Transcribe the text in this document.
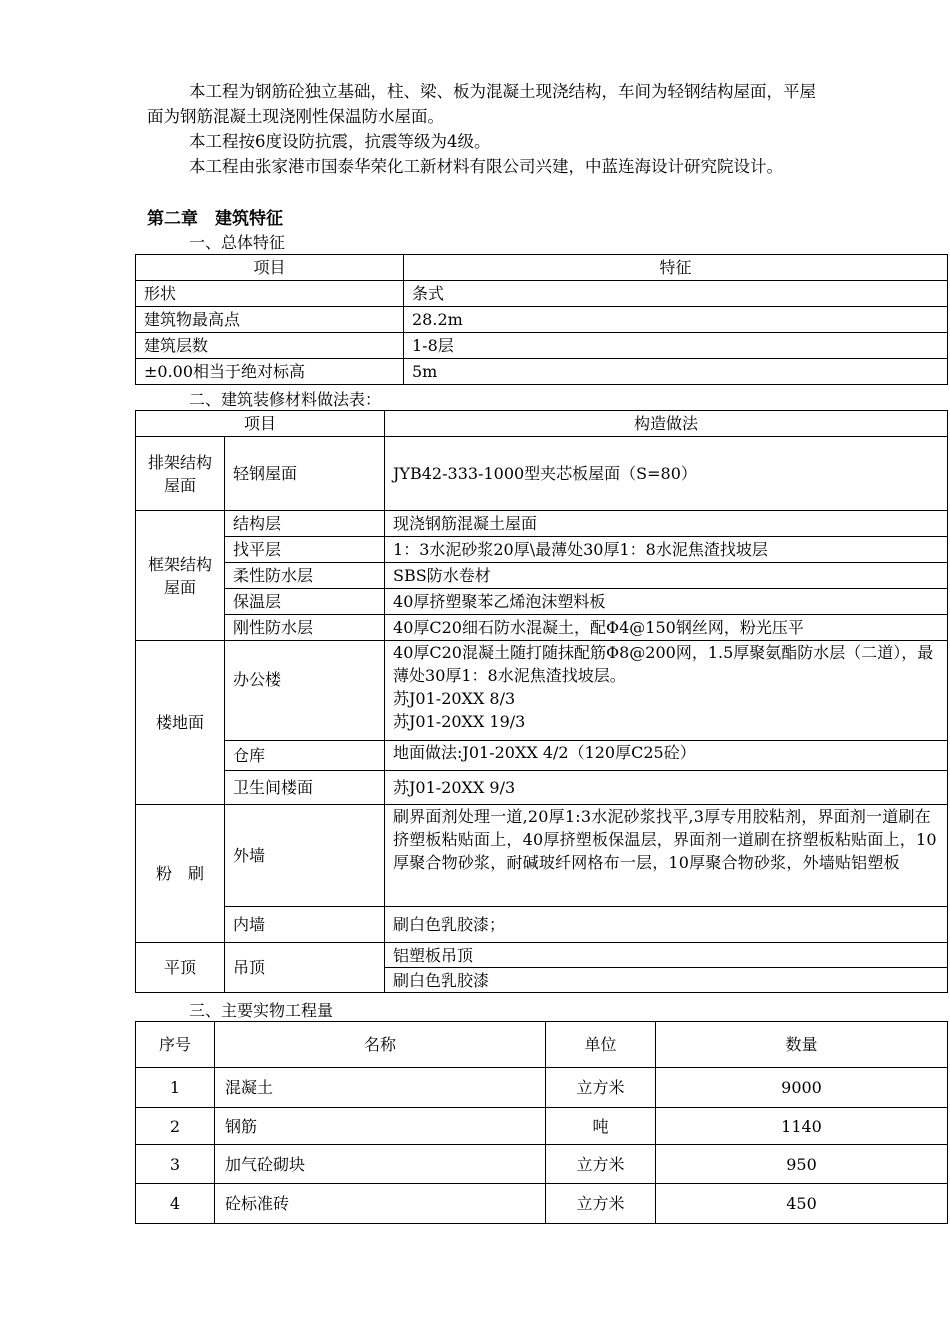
本工程为钢筋砼独立基础，柱、梁、板为混凝土现浇结构，车间为轻钢结构屋面，平屋面为钢筋混凝土现浇刚性保温防水屋面。

本工程按6度设防抗震，抗震等级为4级。

本工程由张家港市国泰华荣化工新材料有限公司兴建，中蓝连海设计研究院设计。

第二章　建筑特征
一、总体特征
项目	特征
形状	条式
建筑物最高点	28.2m
建筑层数	1-8层
±0.00相当于绝对标高	5m
二、建筑装修材料做法表：
项目		构造做法
排架结构屋面	轻钢屋面	JYB42-333-1000型夹芯板屋面（S=80）
框架结构屋面	结构层	现浇钢筋混凝土屋面
	找平层	1：3水泥砂浆20厚\最薄处30厚1：8水泥焦渣找坡层
	柔性防水层	SBS防水卷材
	保温层	40厚挤塑聚苯乙烯泡沫塑料板
	刚性防水层	40厚C20细石防水混凝土，配Φ4@150钢丝网，粉光压平
楼地面	办公楼	40厚C20混凝土随打随抹配筋Φ8@200网，1.5厚聚氨酯防水层（二道），最薄处30厚1：8水泥焦渣找坡层。
苏J01-20XX 8/3
苏J01-20XX 19/3

	仓库	地面做法:J01-20XX 4/2（120厚C25砼）
	卫生间楼面	苏J01-20XX 9/3
粉　刷	外墙	刷界面剂处理一道,20厚1:3水泥砂浆找平,3厚专用胶粘剂，界面剂一道刷在挤塑板粘贴面上，40厚挤塑板保温层，界面剂一道刷在挤塑板粘贴面上，10厚聚合物砂浆，耐碱玻纤网格布一层，10厚聚合物砂浆，外墙贴铝塑板
	内墙	刷白色乳胶漆；
平顶	吊顶	铝塑板吊顶
		刷白色乳胶漆
三、主要实物工程量
序号	名称	单位	数量
1	混凝土	立方米	9000
2	钢筋	吨	1140
3	加气砼砌块	立方米	950
4	砼标准砖	立方米	450
